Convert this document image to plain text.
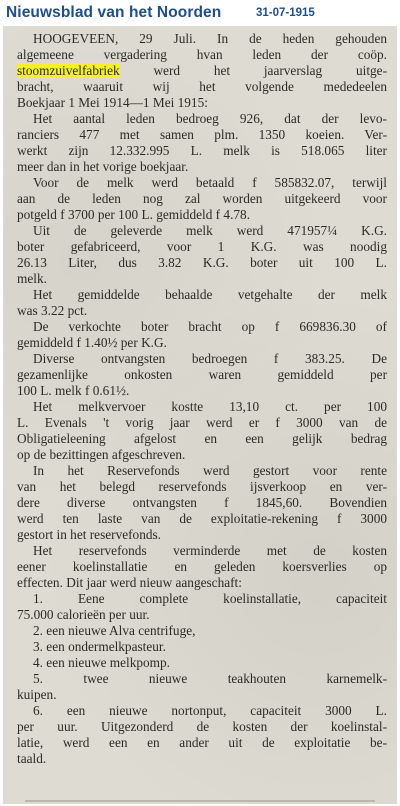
Nieuwsblad van het Noorden	31-07-1915
HOOGEVEEN, 29 Juli. In de heden gehouden
algemeene vergadering hvan leden der coöp.
stoomzuivelfabriek werd het jaarverslag uitge-
bracht, waaruit wij het volgende mededeelen
Boekjaar 1 Mei 1914—1 Mei 1915:
Het aantal leden bedroeg 926, dat der levo-
ranciers 477 met samen plm. 1350 koeien. Ver-
werkt zijn 12.332.995 L. melk is 518.065 liter
meer dan in het vorige boekjaar.
Voor de melk werd betaald f 585832.07, terwijl
aan de leden nog zal worden uitgekeerd voor
potgeld f 3700 per 100 L. gemiddeld f 4.78.
Uit de geleverde melk werd 471957¼ K.G.
boter gefabriceerd, voor 1 K.G. was noodig
26.13 Liter, dus 3.82 K.G. boter uit 100 L.
melk.
Het gemiddelde behaalde vetgehalte der melk
was 3.22 pct.
De verkochte boter bracht op f 669836.30 of
gemiddeld f 1.40½ per K.G.
Diverse ontvangsten bedroegen f 383.25. De
gezamenlijke onkosten waren gemiddeld per
100 L. melk f 0.61½.
Het melkvervoer kostte 13,10 ct. per 100
L. Evenals 't vorig jaar werd er f 3000 van de
Obligatieleening afgelost en een gelijk bedrag
op de bezittingen afgeschreven.
In het Reservefonds werd gestort voor rente
van het belegd reservefonds ijsverkoop en ver-
dere diverse ontvangsten f 1845,60. Bovendien
werd ten laste van de exploitatie-rekening f 3000
gestort in het reservefonds.
Het reservefonds verminderde met de kosten
eener koelinstallatie en geleden koersverlies op
effecten. Dit jaar werd nieuw aangeschaft:
1. Eene complete koelinstallatie, capaciteit
75.000 calorieën per uur.
2. een nieuwe Alva centrifuge,
3. een ondermelkpasteur.
4. een nieuwe melkpomp.
5. twee nieuwe teakhouten karnemelk-
kuipen.
6. een nieuwe nortonput, capaciteit 3000 L.
per uur. Uitgezonderd de kosten der koelinstal-
latie, werd een en ander uit de exploitatie be-
taald.
